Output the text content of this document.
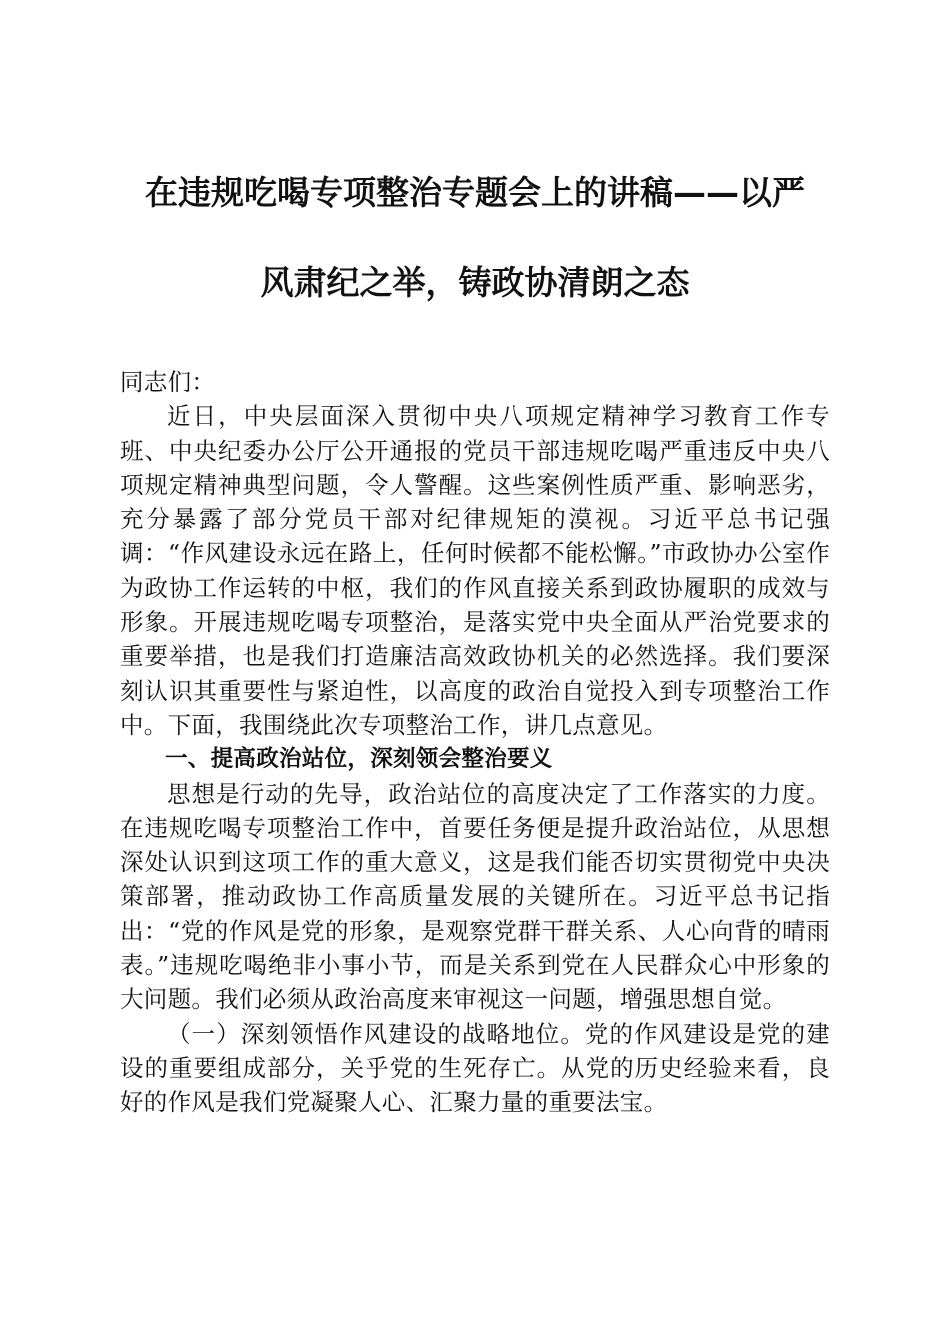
在违规吃喝专项整治专题会上的讲稿——以严
风肃纪之举，铸政协清朗之态

同志们：

近日，中央层面深入贯彻中央八项规定精神学习教育工作专班、中央纪委办公厅公开通报的党员干部违规吃喝严重违反中央八项规定精神典型问题，令人警醒。这些案例性质严重、影响恶劣，充分暴露了部分党员干部对纪律规矩的漠视。习近平总书记强调：“作风建设永远在路上，任何时候都不能松懈。”市政协办公室作为政协工作运转的中枢，我们的作风直接关系到政协履职的成效与形象。开展违规吃喝专项整治，是落实党中央全面从严治党要求的重要举措，也是我们打造廉洁高效政协机关的必然选择。我们要深刻认识其重要性与紧迫性，以高度的政治自觉投入到专项整治工作中。下面，我围绕此次专项整治工作，讲几点意见。

一、提高政治站位，深刻领会整治要义

思想是行动的先导，政治站位的高度决定了工作落实的力度。在违规吃喝专项整治工作中，首要任务便是提升政治站位，从思想深处认识到这项工作的重大意义，这是我们能否切实贯彻党中央决策部署，推动政协工作高质量发展的关键所在。习近平总书记指出：“党的作风是党的形象，是观察党群干群关系、人心向背的晴雨表。”违规吃喝绝非小事小节，而是关系到党在人民群众心中形象的大问题。我们必须从政治高度来审视这一问题，增强思想自觉。

（一）深刻领悟作风建设的战略地位。党的作风建设是党的建设的重要组成部分，关乎党的生死存亡。从党的历史经验来看，良好的作风是我们党凝聚人心、汇聚力量的重要法宝。
